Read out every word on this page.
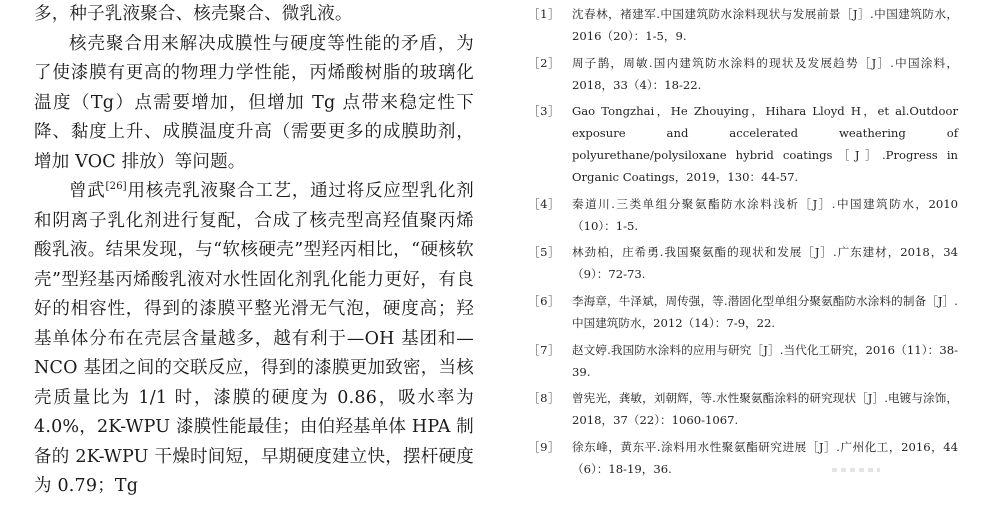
多，种子乳液聚合、核壳聚合、微乳液。

核壳聚合用来解决成膜性与硬度等性能的矛盾，为了使漆膜有更高的物理力学性能，丙烯酸树脂的玻璃化温度（Tg）点需要增加，但增加 Tg 点带来稳定性下降、黏度上升、成膜温度升高（需要更多的成膜助剂，增加 VOC 排放）等问题。

曾武[26]用核壳乳液聚合工艺，通过将反应型乳化剂和阴离子乳化剂进行复配，合成了核壳型高羟值聚丙烯酸乳液。结果发现，与“软核硬壳”型羟丙相比，“硬核软壳”型羟基丙烯酸乳液对水性固化剂乳化能力更好，有良好的相容性，得到的漆膜平整光滑无气泡，硬度高；羟基单体分布在壳层含量越多，越有利于—OH 基团和—NCO 基团之间的交联反应，得到的漆膜更加致密，当核壳质量比为 1/1 时，漆膜的硬度为 0.86，吸水率为 4.0%，2K-WPU 漆膜性能最佳；由伯羟基单体 HPA 制备的 2K-WPU 干燥时间短，早期硬度建立快，摆杆硬度为 0.79；Tg

［1］	沈春林，褚建军.中国建筑防水涂料现状与发展前景［J］.中国建筑防水，2016（20）：1-5，9.
［2］	周子鹊，周敏.国内建筑防水涂料的现状及发展趋势［J］.中国涂料，2018，33（4）：18-22.
［3］	Gao Tongzhai，He Zhouying，Hihara Lloyd H，et al.Outdoor exposure and accelerated weathering of polyurethane/polysiloxane hybrid coatings［J］.Progress in Organic Coatings，2019，130：44-57.
［4］	秦道川.三类单组分聚氨酯防水涂料浅析［J］.中国建筑防水，2010（10）：1-5.
［5］	林劲柏，庄希勇.我国聚氨酯的现状和发展［J］.广东建材，2018，34（9）：72-73.
［6］	李海章，牛泽斌，周传强，等.潜固化型单组分聚氨酯防水涂料的制备［J］.中国建筑防水，2012（14）：7-9，22.
［7］	赵文婷.我国防水涂料的应用与研究［J］.当代化工研究，2016（11）：38-39.
［8］	曾宪光，龚敏，刘朝辉，等.水性聚氨酯涂料的研究现状［J］.电镀与涂饰，2018，37（22）：1060-1067.
［9］	徐东峰，黄东平.涂料用水性聚氨酯研究进展［J］.广州化工，2016，44（6）：18-19，36.
